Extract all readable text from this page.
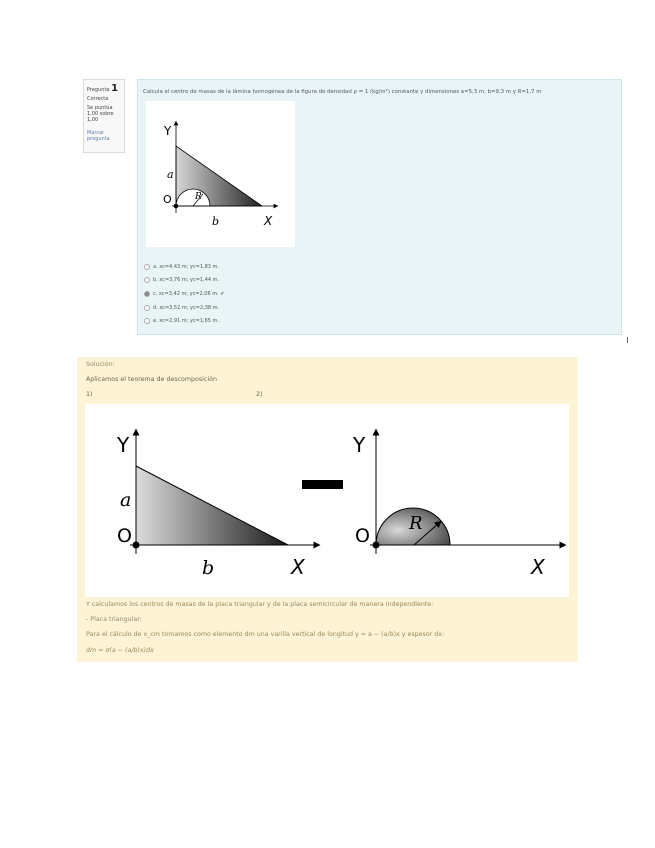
Pregunta 1
Correcta
Se puntúa 1,00 sobre 1,00
Marcar pregunta
Calcula el centro de masas de la lámina homogénea de la figura de densidad ρ = 1 (kg/m²) constante y dimensiones a=5,3 m, b=9,3 m y R=1,7 m
Y
X
a
b
O	R
a. xc=4,43 m; yc=1,83 m.
b. xc=3,76 m; yc=1,44 m.
c. xc=3,42 m; yc=2,06 m. ✔
d. xc=3,52 m; yc=2,38 m.
e. xc=2,91 m; yc=1,65 m.
Solución:
Aplicamos el teorema de descomposición
1)	2)
Y
a
O
b	X
Y
O
R
X
Y calculamos los centros de masas de la placa triangular y de la placa semicircular de manera independiente:
- Placa triangular:
Para el cálculo de x_cm tomamos como elemento dm una varilla vertical de longitud y = a − (a/b)x y espesor dx:
dm = σ(a − (a/b)x)dx
